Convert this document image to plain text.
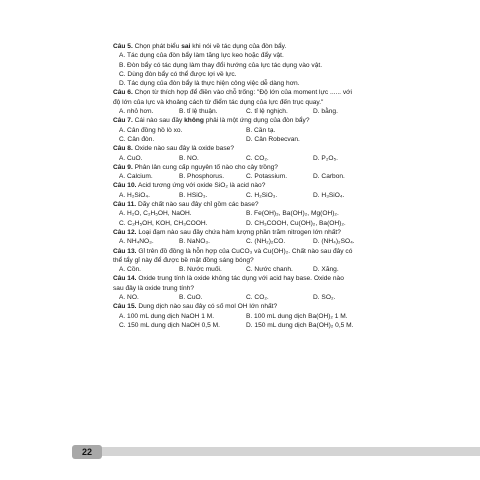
Câu 5. Chọn phát biểu sai khi nói về tác dụng của đòn bẩy.
A. Tác dụng của đòn bẩy làm tăng lực keo hoặc đẩy vật.
B. Đòn bẩy có tác dụng làm thay đổi hướng của lực tác dụng vào vật.
C. Dùng đòn bẩy có thể được lợi về lực.
D. Tác dụng của đòn bẩy là thực hiện công việc dễ dàng hơn.
Câu 6. Chọn từ thích hợp để điền vào chỗ trống: "Độ lớn của moment lực ...... với
độ lớn của lực và khoảng cách từ điểm tác dụng của lực đến trục quay."
A. nhỏ hơn.	B. tỉ lệ thuận.	C. tỉ lệ nghịch.	D. bằng.
Câu 7. Cái nào sau đây không phải là một ứng dụng của đòn bẩy?
A. Cân đồng hồ lò xo.	B. Cần tạ.
C. Cân đòn.	D. Cân Robecvan.
Câu 8. Oxide nào sau đây là oxide base?
A. CuO.	B. NO.	C. CO₂.	D. P₂O₅.
Câu 9. Phân lân cung cấp nguyên tố nào cho cây trồng?
A. Calcium.	B. Phosphorus.	C. Potassium.	D. Carbon.
Câu 10. Acid tương ứng với oxide SiO₂ là acid nào?
A. H₂SiO₄.	B. HSiO₃.	C. H₂SiO₃.	D. H₃SiO₄.
Câu 11. Dãy chất nào sau đây chỉ gồm các base?
A. H₂O, C₂H₅OH, NaOH.	B. Fe(OH)₃, Ba(OH)₂, Mg(OH)₂.
C. C₂H₅OH, KOH, CH₃COOH.	D. CH₃COOH, Cu(OH)₂, Ba(OH)₂.
Câu 12. Loại đạm nào sau đây chứa hàm lượng phần trăm nitrogen lớn nhất?
A. NH₄NO₃.	B. NaNO₃.	C. (NH₂)₂CO.	D. (NH₄)₂SO₄.
Câu 13. Gỉ trên đồ đồng là hỗn hợp của CuCO₃ và Cu(OH)₂. Chất nào sau đây có
thể tẩy gỉ này để được bề mặt đồng sáng bóng?
A. Cồn.	B. Nước muối.	C. Nước chanh.	D. Xăng.
Câu 14. Oxide trung tính là oxide không tác dụng với acid hay base. Oxide nào
sau đây là oxide trung tính?
A. NO.	B. CuO.	C. CO₂.	D. SO₂.
Câu 15. Dung dịch nào sau đây có số mol OH lớn nhất?
A. 100 mL dung dịch NaOH 1 M.	B. 100 mL dung dịch Ba(OH)₂ 1 M.
C. 150 mL dung dịch NaOH 0,5 M.	D. 150 mL dung dịch Ba(OH)₂ 0,5 M.
22
